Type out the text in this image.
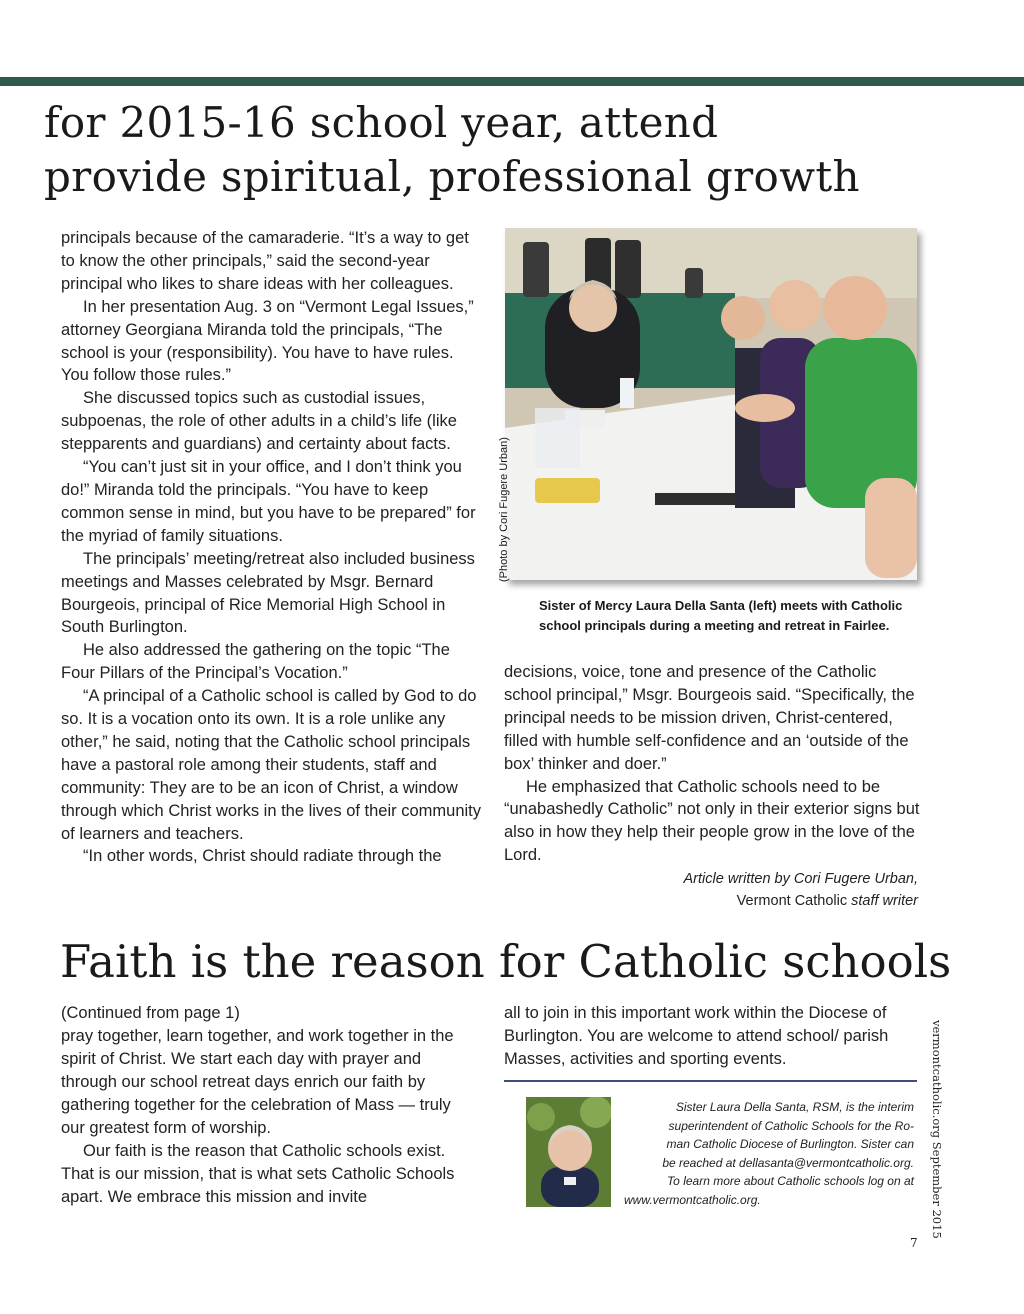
for 2015-16 school year, attend
provide spiritual, professional growth

principals because of the camaraderie. “It’s a way to get to know the other principals,” said the second-year principal who likes to share ideas with her colleagues.

In her presentation Aug. 3 on “Vermont Legal Issues,” attorney Georgiana Miranda told the principals, “The school is your (responsibility). You have to have rules. You follow those rules.”

She discussed topics such as custodial issues, subpoenas, the role of other adults in a child’s life (like stepparents and guardians) and certainty about facts.

“You can’t just sit in your office, and I don’t think you do!” Miranda told the principals. “You have to keep common sense in mind, but you have to be prepared” for the myriad of family situations.

The principals’ meeting/retreat also included business meetings and Masses celebrated by Msgr. Bernard Bourgeois, principal of Rice Memorial High School in South Burlington.

He also addressed the gathering on the topic “The Four Pillars of the Principal’s Vocation.”

“A principal of a Catholic school is called by God to do so. It is a vocation onto its own. It is a role unlike any other,” he said, noting that the Catholic school principals have a pastoral role among their students, staff and community: They are to be an icon of Christ, a window through which Christ works in the lives of their community of learners and teachers.

“In other words, Christ should radiate through the

(Photo by Cori Fugere Urban)
Sister of Mercy Laura Della Santa (left) meets with Catholic school principals during a meeting and retreat in Fairlee.

decisions, voice, tone and presence of the Catholic school principal,” Msgr. Bourgeois said. “Specifically, the principal needs to be mission driven, Christ-centered, filled with humble self-confidence and an ‘outside of the box’ thinker and doer.”

He emphasized that Catholic schools need to be “unabashedly Catholic” not only in their exterior signs but also in how they help their people grow in the love of the Lord.

Article written by Cori Fugere Urban,
Vermont Catholic staff writer
Faith is the reason for Catholic schools

(Continued from page 1)

pray together, learn together, and work together in the spirit of Christ. We start each day with prayer and through our school retreat days enrich our faith by gathering together for the celebration of Mass — truly our greatest form of worship.

Our faith is the reason that Catholic schools exist. That is our mission, that is what sets Catholic Schools apart. We embrace this mission and invite

all to join in this important work within the Diocese of Burlington. You are welcome to attend school/ parish Masses, activities and sporting events.

Sister Laura Della Santa, RSM, is the interim
superintendent of Catholic Schools for the Ro-
man Catholic Diocese of Burlington. Sister can
be reached at dellasanta@vermontcatholic.org.
To learn more about Catholic schools log on at
www.vermontcatholic.org.	vermontcatholic.org September 2015
7
